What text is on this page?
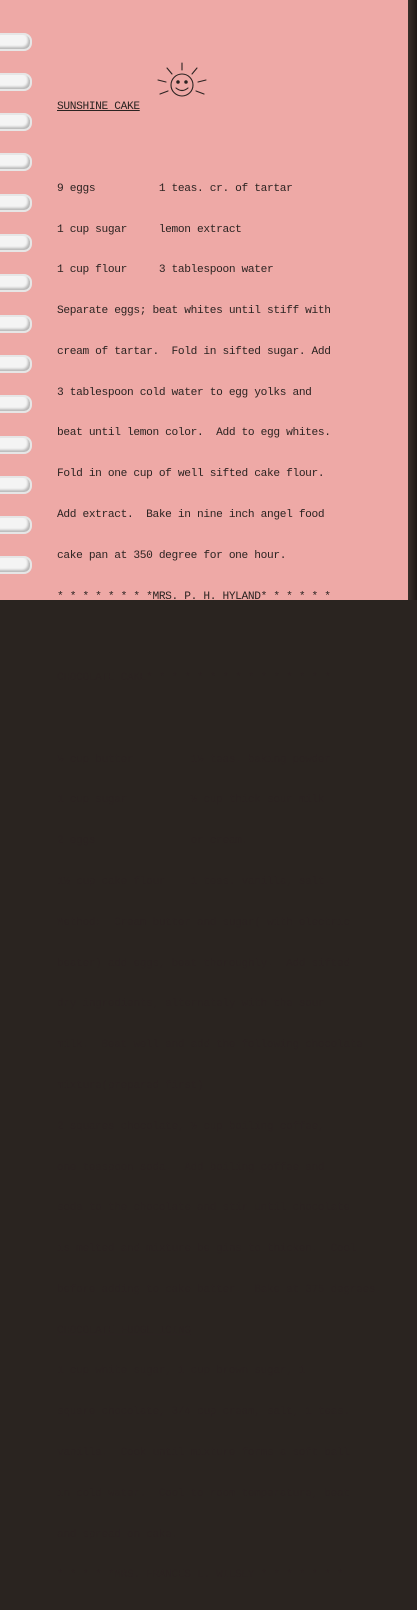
SUNSHINE CAKE

9 eggs          1 teas. cr. of tartar

1 cup sugar     lemon extract

1 cup flour     3 tablespoon water

Separate eggs; beat whites until stiff with

cream of tartar.  Fold in sifted sugar. Add

3 tablespoon cold water to egg yolks and

beat until lemon color.  Add to egg whites.

Fold in one cup of well sifted cake flour.

Add extract.  Bake in nine inch angel food

cake pan at 350 degree for one hour.

* * * * * * * *MRS. P. H. HYLAND* * * * * *

CHOCOLATE CAKE* * * * * * * * * * * * * * *

½ cup butter         1½ teas. baking powder

1 cup sugar          ½ cup thick sour milk

2 eggs               or cream.

1½ cup cake flour    1 teas. vanilla, salt.

Method:  Cream butter and sugar( with electric

beater) add eggs, beat thoroughly.  Add sifted

dry ingredients, alternately with the sour

milk.  Beat well and add the following chocolate

mixture(prepared first)

2 squares chocolate, ½ cup boiling coffee,

one teaspoon soda.  Add boiling coffee and

soda to the chocolate and stir until chocolate

is melted and mixture be gins to thicken.  Cool

before adding to cake batter.  Bake at 375 degrees.

CHOCOLATE FUDGE ICING

1 cup white sugar, 1 cup brown sugar, 1

square chocolate, 3/4 cup cream, salt, 1 teas.

vanilla.  Cook until mixture forms a soft ball

in cold water.  Cool to room temperature, beat

and spread on cake.

* * * * *MRS. FRANCES L. WILSEY * * * * * * *
